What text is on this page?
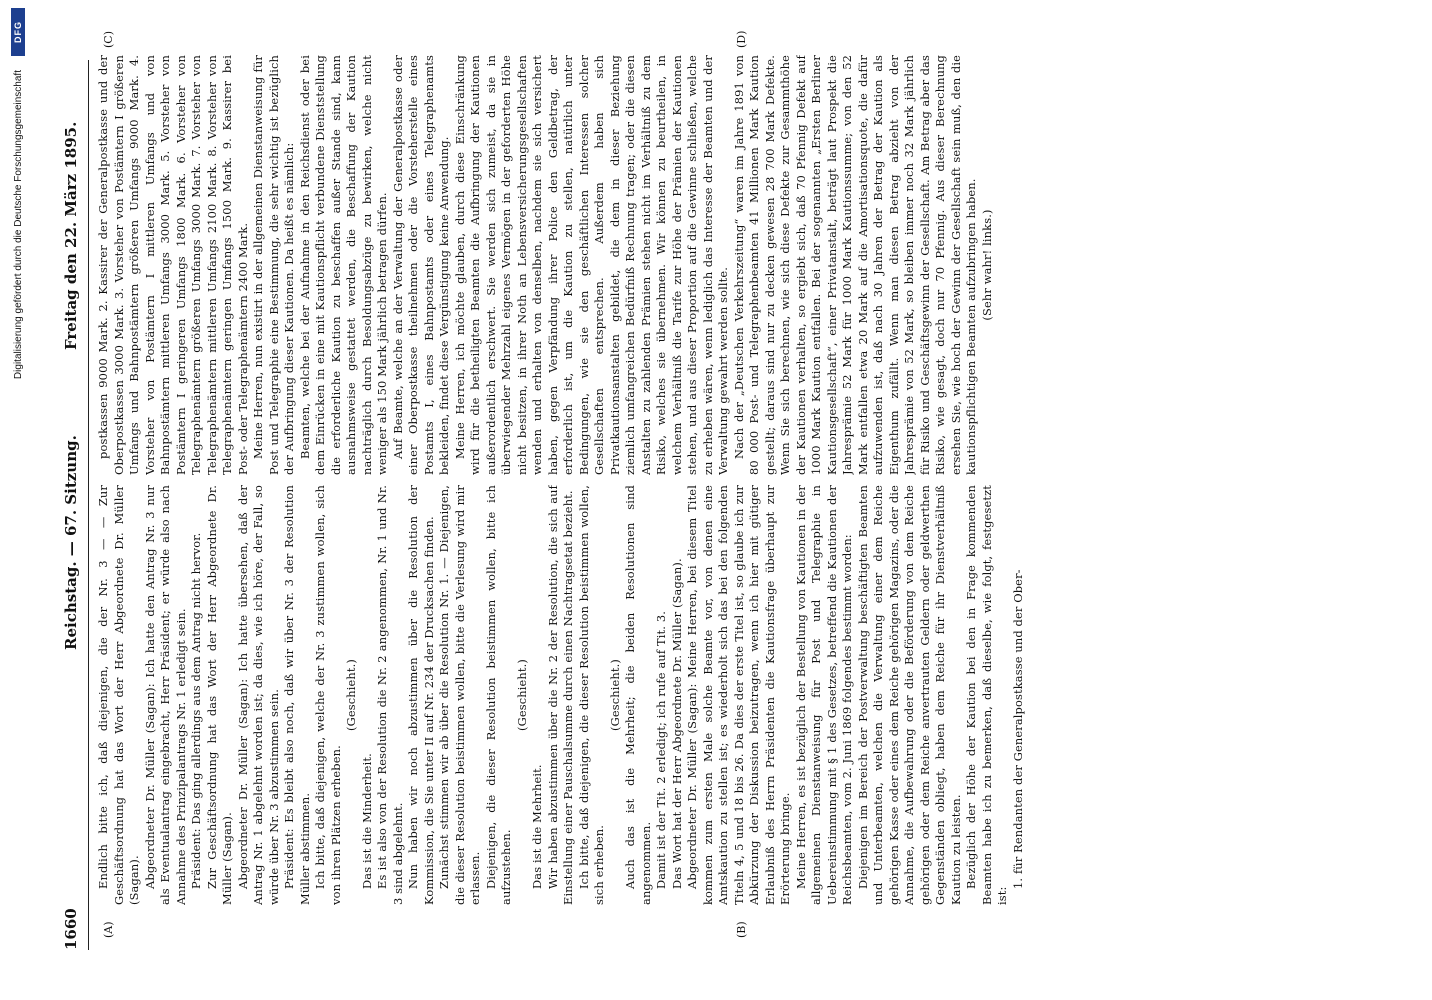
1660
Reichstag. — 67. Sitzung.
Freitag den 22. März 1895.
(A)	(B)
(C)	(D)

Endlich bitte ich, daß diejenigen, die der Nr. 3 — — Zur Geschäftsordnung hat das Wort der Herr Abgeordnete Dr. Müller (Sagan). Abgeordneter Dr. Müller (Sagan): Ich hatte den Antrag Nr. 3 nur als Eventualantrag eingebracht, Herr Präsident; er würde also nach Annahme des Prinzipalantrags Nr. 1 erledigt sein. Präsident: Das ging allerdings aus dem Antrag nicht hervor. Zur Geschäftsordnung hat das Wort der Herr Abgeordnete Dr. Müller (Sagan). Abgeordneter Dr. Müller (Sagan): Ich hatte übersehen, daß der Antrag Nr. 1 abgelehnt worden ist; da dies, wie ich höre, der Fall, so würde über Nr. 3 abzustimmen sein. Präsident: Es bleibt also noch, daß wir über Nr. 3 der Resolution Müller abstimmen. Ich bitte, daß diejenigen, welche der Nr. 3 zustimmen wollen, sich von ihren Plätzen erheben.

(Geschieht.)

Das ist die Minderheit. Es ist also von der Resolution die Nr. 2 angenommen, Nr. 1 und Nr. 3 sind abgelehnt. Nun haben wir noch abzustimmen über die Resolution der Kommission, die Sie unter II auf Nr. 234 der Drucksachen finden. Zunächst stimmen wir ab über die Resolution Nr. 1. — Diejenigen, die dieser Resolution beistimmen wollen, bitte die Verlesung wird mir erlassen. Diejenigen, die dieser Resolution beistimmen wollen, bitte ich aufzustehen.

(Geschieht.)

Das ist die Mehrheit. Wir haben abzustimmen über die Nr. 2 der Resolution, die sich auf Einstellung einer Pauschalsumme durch einen Nachtragsetat bezieht. Ich bitte, daß diejenigen, die dieser Resolution beistimmen wollen, sich erheben.

(Geschieht.) Auch das ist die Mehrheit; die beiden Resolutionen sind angenommen. Damit ist der Tit. 2 erledigt; ich rufe auf Tit. 3. Das Wort hat der Herr Abgeordnete Dr. Müller (Sagan). Abgeordneter Dr. Müller (Sagan): Meine Herren, bei diesem Titel kommen zum ersten Male solche Beamte vor, von denen eine Amtskaution zu stellen ist; es wiederholt sich das bei den folgenden Titeln 4, 5 und 18 bis 26. Da dies der erste Titel ist, so glaube ich zur Abkürzung der Diskussion beizutragen, wenn ich hier mit gütiger Erlaubniß des Herrn Präsidenten die Kautionsfrage überhaupt zur Erörterung bringe. Meine Herren, es ist bezüglich der Bestellung von Kautionen in der allgemeinen Dienstanweisung für Post und Telegraphie in Uebereinstimmung mit § 1 des Gesetzes, betreffend die Kautionen der Reichsbeamten, vom 2. Juni 1869 folgendes bestimmt worden: Diejenigen im Bereich der Postverwaltung beschäftigten Beamten und Unterbeamten, welchen die Verwaltung einer dem Reiche gehörigen Kasse oder eines dem Reiche gehörigen Magazins, oder die Annahme, die Aufbewahrung oder die Beförderung von dem Reiche gehörigen oder dem Reiche anvertrauten Geldern oder geldwerthen Gegenständen obliegt, haben dem Reiche für ihr Dienstverhältniß Kaution zu leisten. Bezüglich der Höhe der Kaution bei den in Frage kommenden Beamten habe ich zu bemerken, daß dieselbe, wie folgt, festgesetzt ist:

1. für Rendanten der Generalpostkasse und der Ober-

postkassen 9000 Mark. 2. Kassirer der Generalpostkasse und der Oberpostkassen 3000 Mark. 3. Vorsteher von Postämtern I größeren Umfangs und Bahnpostämtern größeren Umfangs 9000 Mark. 4. Vorsteher von Postämtern I mittleren Umfangs und von Bahnpostämtern mittleren Umfangs 3000 Mark. 5. Vorsteher von Postämtern I geringeren Umfangs 1800 Mark. 6. Vorsteher von Telegraphenämtern größeren Umfangs 3000 Mark. 7. Vorsteher von Telegraphenämtern mittleren Umfangs 2100 Mark. 8. Vorsteher von Telegraphenämtern geringen Umfangs 1500 Mark. 9. Kassirer bei Post- oder Telegraphenämtern 2400 Mark. Meine Herren, nun existirt in der allgemeinen Dienstanweisung für Post und Telegraphie eine Bestimmung, die sehr wichtig ist bezüglich der Aufbringung dieser Kautionen. Da heißt es nämlich: Beamten, welche bei der Aufnahme in den Reichsdienst oder bei dem Einrücken in eine mit Kautionspflicht verbundene Dienststellung die erforderliche Kaution zu beschaffen außer Stande sind, kann ausnahmsweise gestattet werden, die Beschaffung der Kaution nachträglich durch Besoldungsabzüge zu bewirken, welche nicht weniger als 150 Mark jährlich betragen dürfen. Auf Beamte, welche an der Verwaltung der Generalpostkasse oder einer Oberpostkasse theilnehmen oder die Vorsteherstelle eines Postamts I, eines Bahnpostamts oder eines Telegraphenamts bekleiden, findet diese Vergünstigung keine Anwendung. Meine Herren, ich möchte glauben, durch diese Einschränkung wird für die betheiligten Beamten die Aufbringung der Kautionen außerordentlich erschwert. Sie werden sich zumeist, da sie in überwiegender Mehrzahl eigenes Vermögen in der geforderten Höhe nicht besitzen, in ihrer Noth an Lebensversicherungsgesellschaften wenden und erhalten von denselben, nachdem sie sich versichert haben, gegen Verpfändung ihrer Police den Geldbetrag, der erforderlich ist, um die Kaution zu stellen, natürlich unter Bedingungen, wie sie den geschäftlichen Interessen solcher Gesellschaften entsprechen. Außerdem haben sich Privatkautionsanstalten gebildet, die dem in dieser Beziehung ziemlich umfangreichen Bedürfniß Rechnung tragen; oder die diesen Anstalten zu zahlenden Prämien stehen nicht im Verhältniß zu dem Risiko, welches sie übernehmen. Wir können zu beurtheilen, in welchem Verhältniß die Tarife zur Höhe der Prämien der Kautionen stehen, und aus dieser Proportion auf die Gewinne schließen, welche zu erheben wären, wenn lediglich das Interesse der Beamten und der Verwaltung gewahrt werden sollte. Nach der „Deutschen Verkehrszeitung“ waren im Jahre 1891 von 80 000 Post- und Telegraphenbeamten 41 Millionen Mark Kaution gestellt; daraus sind nur zu decken gewesen 28 700 Mark Defekte. Wenn Sie sich berechnen, wie sich diese Defekte zur Gesammthöhe der Kautionen verhalten, so ergiebt sich, daß 70 Pfennig Defekt auf 1000 Mark Kaution entfallen. Bei der sogenannten „Ersten Berliner Kautionsgesellschaft“, einer Privatanstalt, beträgt laut Prospekt die Jahresprämie 52 Mark für 1000 Mark Kautionssumme; von den 52 Mark entfallen etwa 20 Mark auf die Amortisationsquote, die dafür aufzuwenden ist, daß nach 30 Jahren der Betrag der Kaution als Eigenthum zufällt. Wenn man diesen Betrag abzieht von der Jahresprämie von 52 Mark, so bleiben immer noch 32 Mark jährlich für Risiko und Geschäftsgewinn der Gesellschaft. Am Betrag aber das Risiko, wie gesagt, doch nur 70 Pfennig. Aus dieser Berechnung ersehen Sie, wie hoch der Gewinn der Gesellschaft sein muß, den die kautionspflichtigen Beamten aufzubringen haben. (Sehr wahr! links.)

Digitalisierung gefördert durch die Deutsche Forschungsgemeinschaft
DFG
